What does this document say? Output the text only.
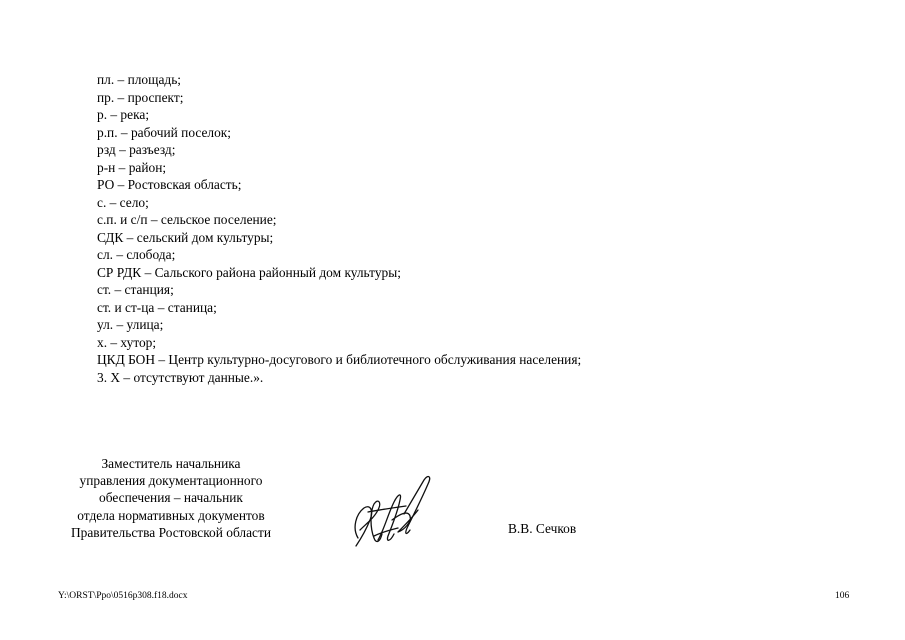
пл. – площадь;
пр. – проспект;
р. – река;
р.п. – рабочий поселок;
рзд – разъезд;
р-н – район;
РО – Ростовская область;
с. – село;
с.п. и с/п – сельское поселение;
СДК – сельский дом культуры;
сл. – слобода;
СР РДК – Сальского района районный дом культуры;
ст. – станция;
ст. и ст-ца – станица;
ул. – улица;
х. – хутор;
ЦКД БОН – Центр культурно-досугового и библиотечного обслуживания населения;
3. Х – отсутствуют данные.».
Заместитель начальника
управления документационного
обеспечения – начальник
отдела нормативных документов
Правительства Ростовской области	В.В. Сечков
Y:\ORST\Ppo\0516p308.f18.docx	106
